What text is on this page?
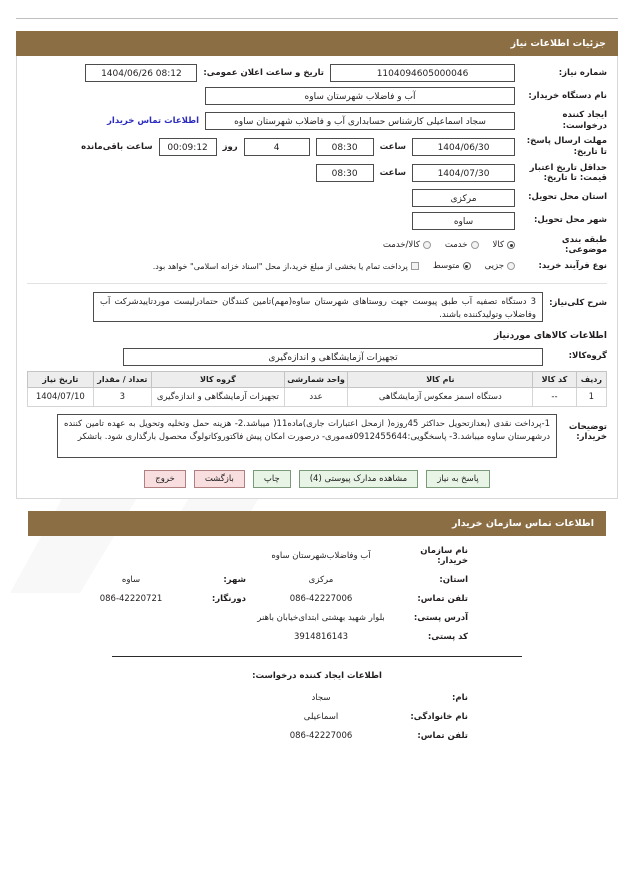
جزئیات اطلاعات نیاز
شماره نیاز:
1104094605000046
تاریخ و ساعت اعلان عمومی:
1404/06/26 08:12
نام دستگاه خریدار:
آب و فاضلاب شهرستان ساوه
ایجاد کننده درخواست:
سجاد اسماعیلی کارشناس حسابداری آب و فاضلاب شهرستان ساوه
اطلاعات تماس خریدار
مهلت ارسال پاسخ: تا تاریخ:
1404/06/30
ساعت
08:30
4
روز
00:09:12
ساعت باقی‌مانده
حداقل تاریخ اعتبار قیمت: تا تاریخ:
1404/07/30
ساعت
08:30
استان محل تحویل:
مرکزی
شهر محل تحویل:
ساوه
طبقه بندی موضوعی:
کالا
خدمت
کالا/خدمت
نوع فرآیند خرید:
جزیی
متوسط
پرداخت تمام یا بخشی از مبلغ خرید،از محل "اسناد خزانه اسلامی" خواهد بود.
شرح کلی‌نیاز:
3 دستگاه تصفیه آب طبق پیوست جهت روستاهای شهرستان ساوه(مهم)تامین کنندگان حتمادرلیست موردتاییدشرکت آب وفاضلاب وتولیدکننده باشند.
اطلاعات کالاهای موردنیاز
گروه‌کالا:
تجهیزات آزمایشگاهی و اندازه‌گیری
ردیف	کد کالا	نام کالا	واحد شمارشی	گروه کالا	تعداد / مقدار	تاریخ نیاز
1	--	دستگاه اسمز معکوس آزمایشگاهی	عدد	تجهیزات آزمایشگاهی و اندازه‌گیری	3	1404/07/10
توضیحات خریدار:
1-پرداخت نقدی (بعدازتحویل حداکثر 45روزه( ازمحل اعتبارات جاری)ماده11( میباشد.2- هزینه حمل وتخلیه وتحویل به عهده تامین کننده درشهرستان ساوه میباشد.3- پاسخگویی:0912455644فه‌موری- درصورت امکان پیش فاکتوروکاتولوگ محصول بارگذاری شود. باتشکر
پاسخ به نیاز
مشاهده مدارک پیوستی (4)
چاپ
بازگشت
خروج
اطلاعات تماس سازمان خریدار
نام سازمان خریدار:
آب وفاضلاب‌شهرستان ساوه
استان:
مرکزی
شهر:
ساوه
تلفن تماس:
086-42227006
دورنگار:
086-42220721
آدرس پستی:
بلوار شهید بهشتی ابتدای‌خیابان باهنر
کد پستی:
3914816143
اطلاعات ایجاد کننده درخواست:
نام:
سجاد
نام خانوادگی:
اسماعیلی
تلفن تماس:
086-42227006
